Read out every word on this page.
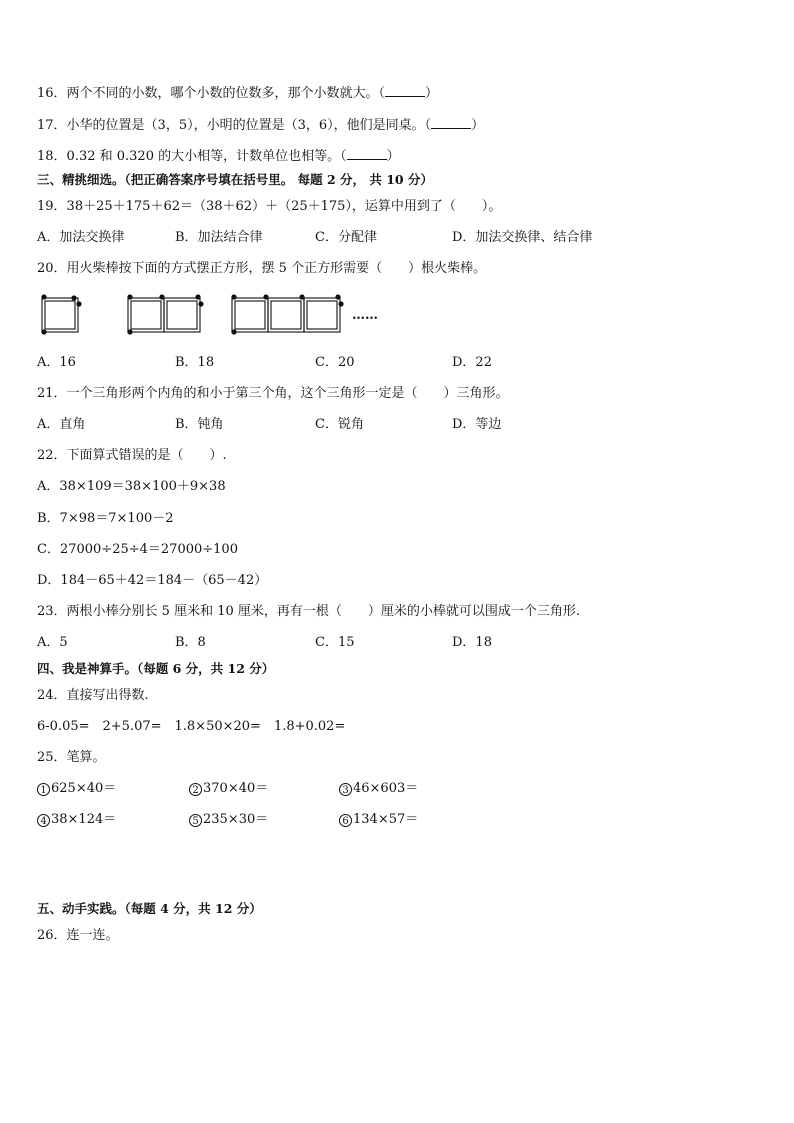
16．两个不同的小数，哪个小数的位数多，那个小数就大。（	）
17．小华的位置是（3，5），小明的位置是（3，6），他们是同桌。（	）
18．0.32 和 0.320 的大小相等，计数单位也相等。（	）
三、精挑细选。（把正确答案序号填在括号里。 每题 2 分， 共 10 分）
19．38＋25＋175＋62＝（38＋62）＋（25＋175），运算中用到了（　　）。
A．加法交换律	B．加法结合律	C．分配律	D．加法交换律、结合律
20．用火柴棒按下面的方式摆正方形，摆 5 个正方形需要（　　）根火柴棒。
……
A．16	B．18	C．20	D．22
21．一个三角形两个内角的和小于第三个角，这个三角形一定是（　　）三角形。
A．直角	B．钝角	C．锐角	D．等边
22．下面算式错误的是（　　）.
A．38×109＝38×100＋9×38
B．7×98＝7×100－2
C．27000÷25÷4＝27000÷100
D．184－65＋42＝184－（65－42）
23．两根小棒分别长 5 厘米和 10 厘米，再有一根（　　）厘米的小棒就可以围成一个三角形.
A．5	B．8	C．15	D．18
四、我是神算手。（每题 6 分，共 12 分）
24．直接写出得数.
6-0.05=　2+5.07=　1.8×50×20=　1.8+0.02=
25．笔算。
1 625×40＝	2 370×40＝	3 46×603＝
4 38×124＝	5 235×30＝	6 134×57＝
五、动手实践。（每题 4 分，共 12 分）
26．连一连。
